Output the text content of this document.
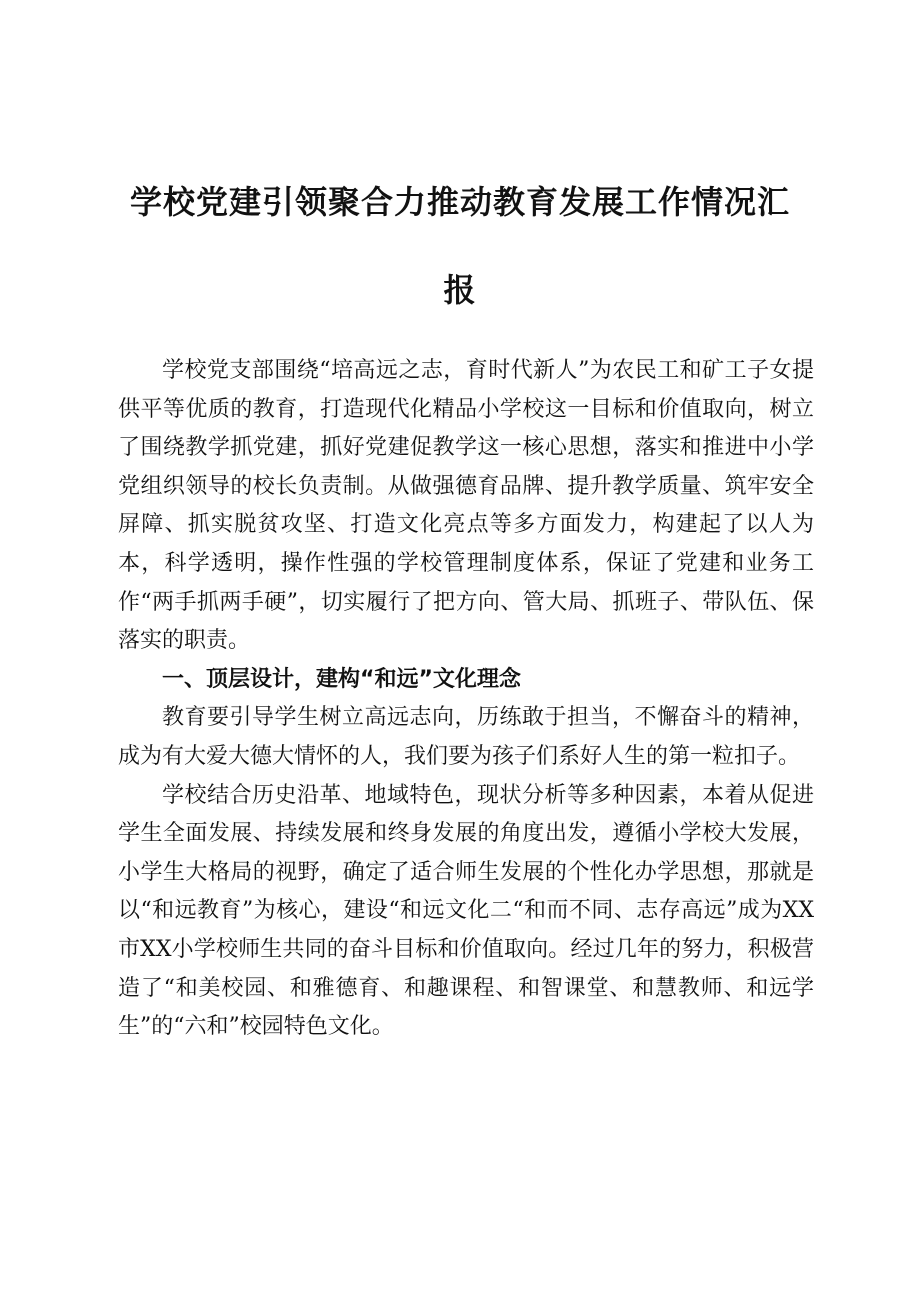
学校党建引领聚合力推动教育发展工作情况汇
报

学校党支部围绕“培高远之志，育时代新人”为农民工和矿工子女提供平等优质的教育，打造现代化精品小学校这一目标和价值取向，树立了围绕教学抓党建，抓好党建促教学这一核心思想，落实和推进中小学党组织领导的校长负责制。从做强德育品牌、提升教学质量、筑牢安全屏障、抓实脱贫攻坚、打造文化亮点等多方面发力，构建起了以人为本，科学透明，操作性强的学校管理制度体系，保证了党建和业务工作“两手抓两手硬”，切实履行了把方向、管大局、抓班子、带队伍、保落实的职责。

一、顶层设计，建构“和远”文化理念

教育要引导学生树立高远志向，历练敢于担当，不懈奋斗的精神，成为有大爱大德大情怀的人，我们要为孩子们系好人生的第一粒扣子。

学校结合历史沿革、地域特色，现状分析等多种因素，本着从促进学生全面发展、持续发展和终身发展的角度出发，遵循小学校大发展，小学生大格局的视野，确定了适合师生发展的个性化办学思想，那就是以“和远教育”为核心，建设“和远文化二“和而不同、志存高远”成为XX市XX小学校师生共同的奋斗目标和价值取向。经过几年的努力，积极营造了“和美校园、和雅德育、和趣课程、和智课堂、和慧教师、和远学生”的“六和”校园特色文化。
